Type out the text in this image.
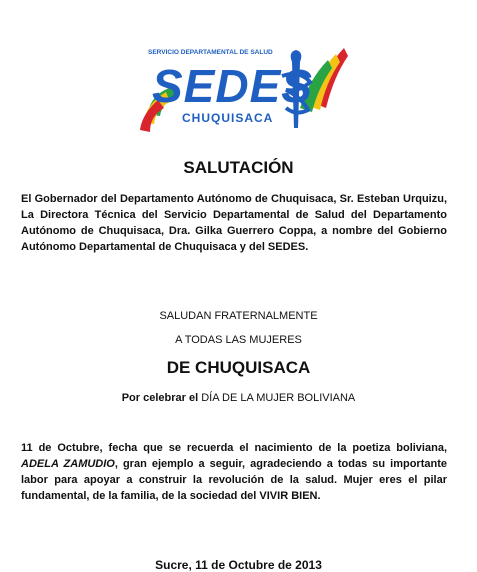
SERVICIO DEPARTAMENTAL DE SALUD
SEDES
CHUQUISACA
SALUTACIÓN
El Gobernador del Departamento Autónomo de Chuquisaca, Sr. Esteban Urquizu, La Directora Técnica del Servicio Departamental de Salud del Departamento Autónomo de Chuquisaca, Dra. Gilka Guerrero Coppa, a nombre del Gobierno Autónomo Departamental de Chuquisaca y del SEDES.
SALUDAN FRATERNALMENTE
A TODAS LAS MUJERES
DE CHUQUISACA
Por celebrar el DÍA DE LA MUJER BOLIVIANA
11 de Octubre, fecha que se recuerda el nacimiento de la poetiza boliviana, ADELA ZAMUDIO, gran ejemplo a seguir, agradeciendo a todas su importante labor para apoyar a construir la revolución de la salud. Mujer eres el pilar fundamental, de la familia, de la sociedad del VIVIR BIEN.
Sucre, 11 de Octubre de 2013
